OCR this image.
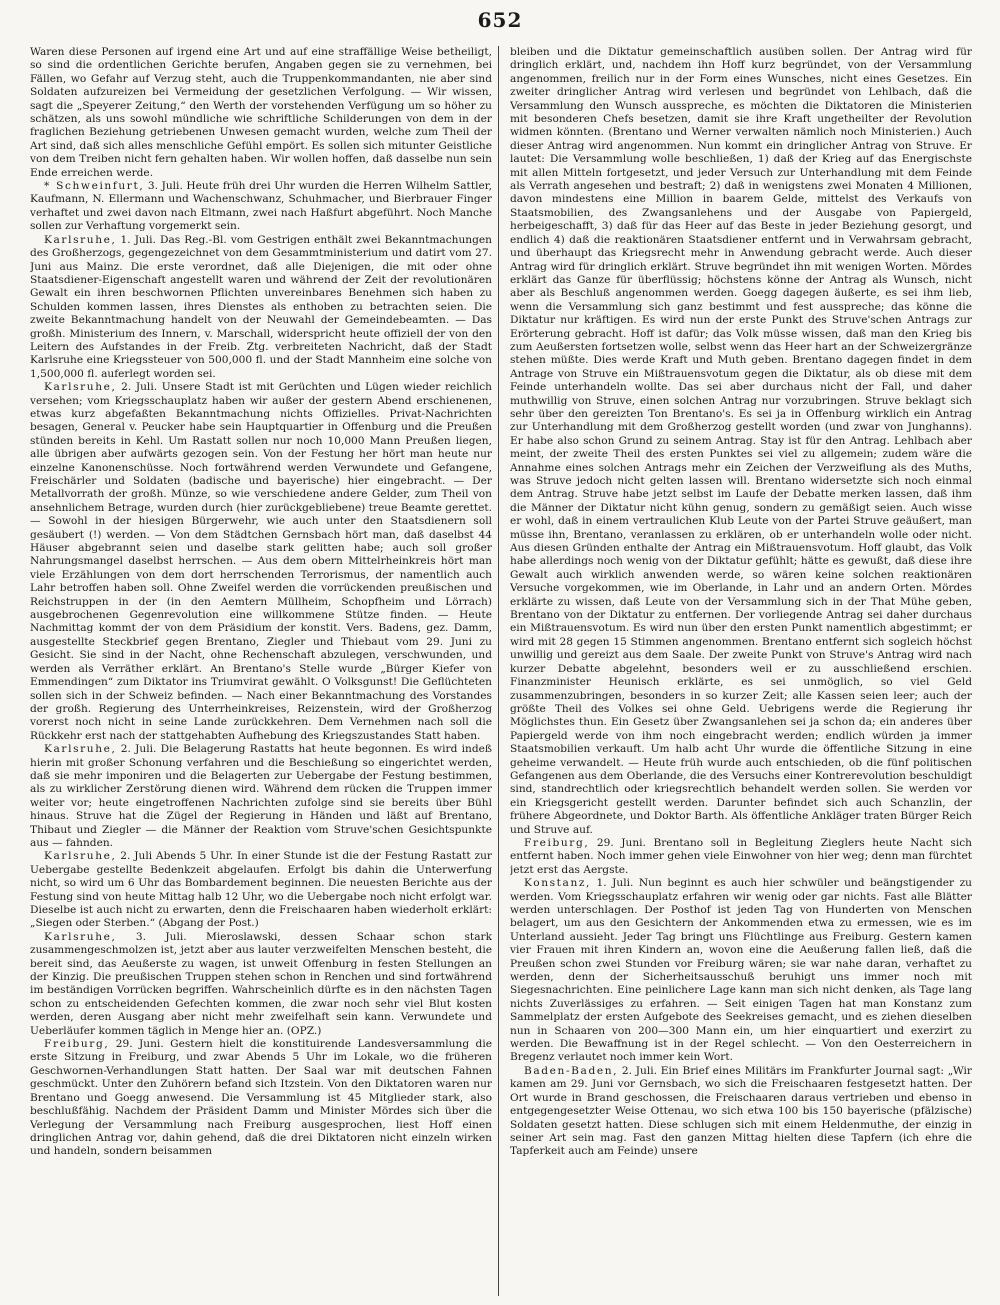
652

Waren diese Personen auf irgend eine Art und auf eine straffällige Weise betheiligt, so sind die ordentlichen Gerichte berufen, Angaben gegen sie zu vernehmen, bei Fällen, wo Gefahr auf Verzug steht, auch die Truppenkommandanten, nie aber sind Soldaten aufzureizen bei Vermeidung der gesetzlichen Verfolgung. — Wir wissen, sagt die „Speyerer Zeitung,“ den Werth der vorstehenden Verfügung um so höher zu schätzen, als uns sowohl mündliche wie schriftliche Schilderungen von dem in der fraglichen Beziehung getriebenen Unwesen gemacht wurden, welche zum Theil der Art sind, daß sich alles menschliche Gefühl empört. Es sollen sich mitunter Geistliche von dem Treiben nicht fern gehalten haben. Wir wollen hoffen, daß dasselbe nun sein Ende erreichen werde.

* Schweinfurt, 3. Juli. Heute früh drei Uhr wurden die Herren Wilhelm Sattler, Kaufmann, N. Ellermann und Wachenschwanz, Schuhmacher, und Bierbrauer Finger verhaftet und zwei davon nach Eltmann, zwei nach Haßfurt abgeführt. Noch Manche sollen zur Verhaftung vorgemerkt sein.

Karlsruhe, 1. Juli. Das Reg.-Bl. vom Gestrigen enthält zwei Bekanntmachungen des Großherzogs, gegengezeichnet von dem Gesammtministerium und datirt vom 27. Juni aus Mainz. Die erste verordnet, daß alle Diejenigen, die mit oder ohne Staatsdiener-Eigenschaft angestellt waren und während der Zeit der revolutionären Gewalt ein ihren beschwornen Pflichten unvereinbares Benehmen sich haben zu Schulden kommen lassen, ihres Dienstes als enthoben zu betrachten seien. Die zweite Bekanntmachung handelt von der Neuwahl der Gemeindebeamten. — Das großh. Ministerium des Innern, v. Marschall, widerspricht heute offiziell der von den Leitern des Aufstandes in der Freib. Ztg. verbreiteten Nachricht, daß der Stadt Karlsruhe eine Kriegssteuer von 500,000 fl. und der Stadt Mannheim eine solche von 1,500,000 fl. auferlegt worden sei.

Karlsruhe, 2. Juli. Unsere Stadt ist mit Gerüchten und Lügen wieder reichlich versehen; vom Kriegsschauplatz haben wir außer der gestern Abend erschienenen, etwas kurz abgefaßten Bekanntmachung nichts Offizielles. Privat-Nachrichten besagen, General v. Peucker habe sein Hauptquartier in Offenburg und die Preußen stünden bereits in Kehl. Um Rastatt sollen nur noch 10,000 Mann Preußen liegen, alle übrigen aber aufwärts gezogen sein. Von der Festung her hört man heute nur einzelne Kanonenschüsse. Noch fortwährend werden Verwundete und Gefangene, Freischärler und Soldaten (badische und bayerische) hier eingebracht. — Der Metallvorrath der großh. Münze, so wie verschiedene andere Gelder, zum Theil von ansehnlichem Betrage, wurden durch (hier zurückgebliebene) treue Beamte gerettet. — Sowohl in der hiesigen Bürgerwehr, wie auch unter den Staatsdienern soll gesäubert (!) werden. — Von dem Städtchen Gernsbach hört man, daß daselbst 44 Häuser abgebrannt seien und daselbe stark gelitten habe; auch soll großer Nahrungsmangel daselbst herrschen. — Aus dem obern Mittelrheinkreis hört man viele Erzählungen von dem dort herrschenden Terrorismus, der namentlich auch Lahr betroffen haben soll. Ohne Zweifel werden die vorrückenden preußischen und Reichstruppen in der (in den Aemtern Müllheim, Schopfheim und Lörrach) ausgebrochenen Gegenrevolution eine willkommene Stütze finden. — Heute Nachmittag kommt der von dem Präsidium der konstit. Vers. Badens, gez. Damm, ausgestellte Steckbrief gegen Brentano, Ziegler und Thiebaut vom 29. Juni zu Gesicht. Sie sind in der Nacht, ohne Rechenschaft abzulegen, verschwunden, und werden als Verräther erklärt. An Brentano's Stelle wurde „Bürger Kiefer von Emmendingen“ zum Diktator ins Triumvirat gewählt. O Volksgunst! Die Geflüchteten sollen sich in der Schweiz befinden. — Nach einer Bekanntmachung des Vorstandes der großh. Regierung des Unterrheinkreises, Reizenstein, wird der Großherzog vorerst noch nicht in seine Lande zurückkehren. Dem Vernehmen nach soll die Rückkehr erst nach der stattgehabten Aufhebung des Kriegszustandes Statt haben.

Karlsruhe, 2. Juli. Die Belagerung Rastatts hat heute begonnen. Es wird indeß hierin mit großer Schonung verfahren und die Beschießung so eingerichtet werden, daß sie mehr imponiren und die Belagerten zur Uebergabe der Festung bestimmen, als zu wirklicher Zerstörung dienen wird. Während dem rücken die Truppen immer weiter vor; heute eingetroffenen Nachrichten zufolge sind sie bereits über Bühl hinaus. Struve hat die Zügel der Regierung in Händen und läßt auf Brentano, Thibaut und Ziegler — die Männer der Reaktion vom Struve'schen Gesichtspunkte aus — fahnden.

Karlsruhe, 2. Juli Abends 5 Uhr. In einer Stunde ist die der Festung Rastatt zur Uebergabe gestellte Bedenkzeit abgelaufen. Erfolgt bis dahin die Unterwerfung nicht, so wird um 6 Uhr das Bombardement beginnen. Die neuesten Berichte aus der Festung sind von heute Mittag halb 12 Uhr, wo die Uebergabe noch nicht erfolgt war. Dieselbe ist auch nicht zu erwarten, denn die Freischaaren haben wiederholt erklärt: „Siegen oder Sterben.“ (Abgang der Post.)

Karlsruhe, 3. Juli. Mieroslawski, dessen Schaar schon stark zusammengeschmolzen ist, jetzt aber aus lauter verzweifelten Menschen besteht, die bereit sind, das Aeußerste zu wagen, ist unweit Offenburg in festen Stellungen an der Kinzig. Die preußischen Truppen stehen schon in Renchen und sind fortwährend im beständigen Vorrücken begriffen. Wahrscheinlich dürfte es in den nächsten Tagen schon zu entscheidenden Gefechten kommen, die zwar noch sehr viel Blut kosten werden, deren Ausgang aber nicht mehr zweifelhaft sein kann. Verwundete und Ueberläufer kommen täglich in Menge hier an. (OPZ.)

Freiburg, 29. Juni. Gestern hielt die konstituirende Landesversammlung die erste Sitzung in Freiburg, und zwar Abends 5 Uhr im Lokale, wo die früheren Geschwornen-Verhandlungen Statt hatten. Der Saal war mit deutschen Fahnen geschmückt. Unter den Zuhörern befand sich Itzstein. Von den Diktatoren waren nur Brentano und Goegg anwesend. Die Versammlung ist 45 Mitglieder stark, also beschlußfähig. Nachdem der Präsident Damm und Minister Mördes sich über die Verlegung der Versammlung nach Freiburg ausgesprochen, liest Hoff einen dringlichen Antrag vor, dahin gehend, daß die drei Diktatoren nicht einzeln wirken und handeln, sondern beisammen

bleiben und die Diktatur gemeinschaftlich ausüben sollen. Der Antrag wird für dringlich erklärt, und, nachdem ihn Hoff kurz begründet, von der Versammlung angenommen, freilich nur in der Form eines Wunsches, nicht eines Gesetzes. Ein zweiter dringlicher Antrag wird verlesen und begründet von Lehlbach, daß die Versammlung den Wunsch ausspreche, es möchten die Diktatoren die Ministerien mit besonderen Chefs besetzen, damit sie ihre Kraft ungetheilter der Revolution widmen könnten. (Brentano und Werner verwalten nämlich noch Ministerien.) Auch dieser Antrag wird angenommen. Nun kommt ein dringlicher Antrag von Struve. Er lautet: Die Versammlung wolle beschließen, 1) daß der Krieg auf das Energischste mit allen Mitteln fortgesetzt, und jeder Versuch zur Unterhandlung mit dem Feinde als Verrath angesehen und bestraft; 2) daß in wenigstens zwei Monaten 4 Millionen, davon mindestens eine Million in baarem Gelde, mittelst des Verkaufs von Staatsmobilien, des Zwangsanlehens und der Ausgabe von Papiergeld, herbeigeschafft, 3) daß für das Heer auf das Beste in jeder Beziehung gesorgt, und endlich 4) daß die reaktionären Staatsdiener entfernt und in Verwahrsam gebracht, und überhaupt das Kriegsrecht mehr in Anwendung gebracht werde. Auch dieser Antrag wird für dringlich erklärt. Struve begründet ihn mit wenigen Worten. Mördes erklärt das Ganze für überflüssig; höchstens könne der Antrag als Wunsch, nicht aber als Beschluß angenommen werden. Goegg dagegen äußerte, es sei ihm lieb, wenn die Versammlung sich ganz bestimmt und fest ausspreche; das könne die Diktatur nur kräftigen. Es wird nun der erste Punkt des Struve'schen Antrags zur Erörterung gebracht. Hoff ist dafür; das Volk müsse wissen, daß man den Krieg bis zum Aeußersten fortsetzen wolle, selbst wenn das Heer hart an der Schweizergränze stehen müßte. Dies werde Kraft und Muth geben. Brentano dagegen findet in dem Antrage von Struve ein Mißtrauensvotum gegen die Diktatur, als ob diese mit dem Feinde unterhandeln wollte. Das sei aber durchaus nicht der Fall, und daher muthwillig von Struve, einen solchen Antrag nur vorzubringen. Struve beklagt sich sehr über den gereizten Ton Brentano's. Es sei ja in Offenburg wirklich ein Antrag zur Unterhandlung mit dem Großherzog gestellt worden (und zwar von Junghanns). Er habe also schon Grund zu seinem Antrag. Stay ist für den Antrag. Lehlbach aber meint, der zweite Theil des ersten Punktes sei viel zu allgemein; zudem wäre die Annahme eines solchen Antrags mehr ein Zeichen der Verzweiflung als des Muths, was Struve jedoch nicht gelten lassen will. Brentano widersetzte sich noch einmal dem Antrag. Struve habe jetzt selbst im Laufe der Debatte merken lassen, daß ihm die Männer der Diktatur nicht kühn genug, sondern zu gemäßigt seien. Auch wisse er wohl, daß in einem vertraulichen Klub Leute von der Partei Struve geäußert, man müsse ihn, Brentano, veranlassen zu erklären, ob er unterhandeln wolle oder nicht. Aus diesen Gründen enthalte der Antrag ein Mißtrauensvotum. Hoff glaubt, das Volk habe allerdings noch wenig von der Diktatur gefühlt; hätte es gewußt, daß diese ihre Gewalt auch wirklich anwenden werde, so wären keine solchen reaktionären Versuche vorgekommen, wie im Oberlande, in Lahr und an andern Orten. Mördes erklärte zu wissen, daß Leute von der Versammlung sich in der That Mühe geben, Brentano von der Diktatur zu entfernen. Der vorliegende Antrag sei daher durchaus ein Mißtrauensvotum. Es wird nun über den ersten Punkt namentlich abgestimmt; er wird mit 28 gegen 15 Stimmen angenommen. Brentano entfernt sich sogleich höchst unwillig und gereizt aus dem Saale. Der zweite Punkt von Struve's Antrag wird nach kurzer Debatte abgelehnt, besonders weil er zu ausschließend erschien. Finanzminister Heunisch erklärte, es sei unmöglich, so viel Geld zusammenzubringen, besonders in so kurzer Zeit; alle Kassen seien leer; auch der größte Theil des Volkes sei ohne Geld. Uebrigens werde die Regierung ihr Möglichstes thun. Ein Gesetz über Zwangsanlehen sei ja schon da; ein anderes über Papiergeld werde von ihm noch eingebracht werden; endlich würden ja immer Staatsmobilien verkauft. Um halb acht Uhr wurde die öffentliche Sitzung in eine geheime verwandelt. — Heute früh wurde auch entschieden, ob die fünf politischen Gefangenen aus dem Oberlande, die des Versuchs einer Kontrerevolution beschuldigt sind, standrechtlich oder kriegsrechtlich behandelt werden sollen. Sie werden vor ein Kriegsgericht gestellt werden. Darunter befindet sich auch Schanzlin, der frühere Abgeordnete, und Doktor Barth. Als öffentliche Ankläger traten Bürger Reich und Struve auf.

Freiburg, 29. Juni. Brentano soll in Begleitung Zieglers heute Nacht sich entfernt haben. Noch immer gehen viele Einwohner von hier weg; denn man fürchtet jetzt erst das Aergste.

Konstanz, 1. Juli. Nun beginnt es auch hier schwüler und beängstigender zu werden. Vom Kriegsschauplatz erfahren wir wenig oder gar nichts. Fast alle Blätter werden unterschlagen. Der Posthof ist jeden Tag von Hunderten von Menschen belagert, um aus den Gesichtern der Ankommenden etwa zu ermessen, wie es im Unterland aussieht. Jeder Tag bringt uns Flüchtlinge aus Freiburg. Gestern kamen vier Frauen mit ihren Kindern an, wovon eine die Aeußerung fallen ließ, daß die Preußen schon zwei Stunden vor Freiburg wären; sie war nahe daran, verhaftet zu werden, denn der Sicherheitsausschuß beruhigt uns immer noch mit Siegesnachrichten. Eine peinlichere Lage kann man sich nicht denken, als Tage lang nichts Zuverlässiges zu erfahren. — Seit einigen Tagen hat man Konstanz zum Sammelplatz der ersten Aufgebote des Seekreises gemacht, und es ziehen dieselben nun in Schaaren von 200—300 Mann ein, um hier einquartiert und exerzirt zu werden. Die Bewaffnung ist in der Regel schlecht. — Von den Oesterreichern in Bregenz verlautet noch immer kein Wort.

Baden-Baden, 2. Juli. Ein Brief eines Militärs im Frankfurter Journal sagt: „Wir kamen am 29. Juni vor Gernsbach, wo sich die Freischaaren festgesetzt hatten. Der Ort wurde in Brand geschossen, die Freischaaren daraus vertrieben und ebenso in entgegengesetzter Weise Ottenau, wo sich etwa 100 bis 150 bayerische (pfälzische) Soldaten gesetzt hatten. Diese schlugen sich mit einem Heldenmuthe, der einzig in seiner Art sein mag. Fast den ganzen Mittag hielten diese Tapfern (ich ehre die Tapferkeit auch am Feinde) unsere
